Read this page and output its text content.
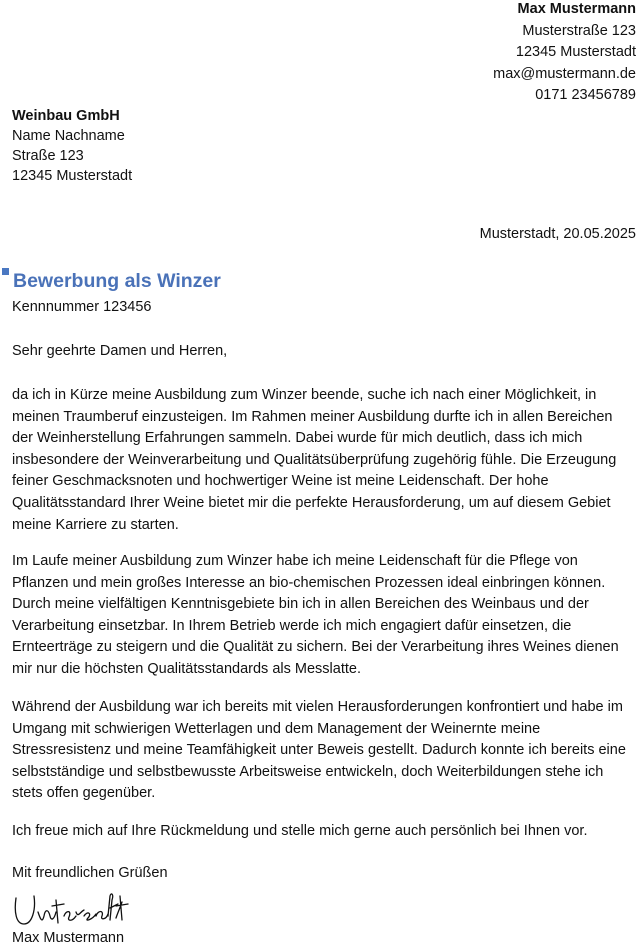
Max Mustermann
Musterstraße 123
12345 Musterstadt
max@mustermann.de
0171 23456789
Weinbau GmbH
Name Nachname
Straße 123
12345 Musterstadt
Musterstadt, 20.05.2025
Bewerbung als Winzer
Kennnummer 123456
Sehr geehrte Damen und Herren,

da ich in Kürze meine Ausbildung zum Winzer beende, suche ich nach einer Möglichkeit, in meinen Traumberuf einzusteigen. Im Rahmen meiner Ausbildung durfte ich in allen Bereichen der Weinherstellung Erfahrungen sammeln. Dabei wurde für mich deutlich, dass ich mich insbesondere der Weinverarbeitung und Qualitätsüberprüfung zugehörig fühle. Die Erzeugung feiner Geschmacksnoten und hochwertiger Weine ist meine Leidenschaft. Der hohe Qualitätsstandard Ihrer Weine bietet mir die perfekte Herausforderung, um auf diesem Gebiet meine Karriere zu starten.

Im Laufe meiner Ausbildung zum Winzer habe ich meine Leidenschaft für die Pflege von Pflanzen und mein großes Interesse an bio-chemischen Prozessen ideal einbringen können. Durch meine vielfältigen Kenntnisgebiete bin ich in allen Bereichen des Weinbaus und der Verarbeitung einsetzbar. In Ihrem Betrieb werde ich mich engagiert dafür einsetzen, die Ernteerträge zu steigern und die Qualität zu sichern. Bei der Verarbeitung ihres Weines dienen mir nur die höchsten Qualitätsstandards als Messlatte.

Während der Ausbildung war ich bereits mit vielen Herausforderungen konfrontiert und habe im Umgang mit schwierigen Wetterlagen und dem Management der Weinernte meine Stressresistenz und meine Teamfähigkeit unter Beweis gestellt. Dadurch konnte ich bereits eine selbstständige und selbstbewusste Arbeitsweise entwickeln, doch Weiterbildungen stehe ich stets offen gegenüber.

Ich freue mich auf Ihre Rückmeldung und stelle mich gerne auch persönlich bei Ihnen vor.

Mit freundlichen Grüßen
Max Mustermann
